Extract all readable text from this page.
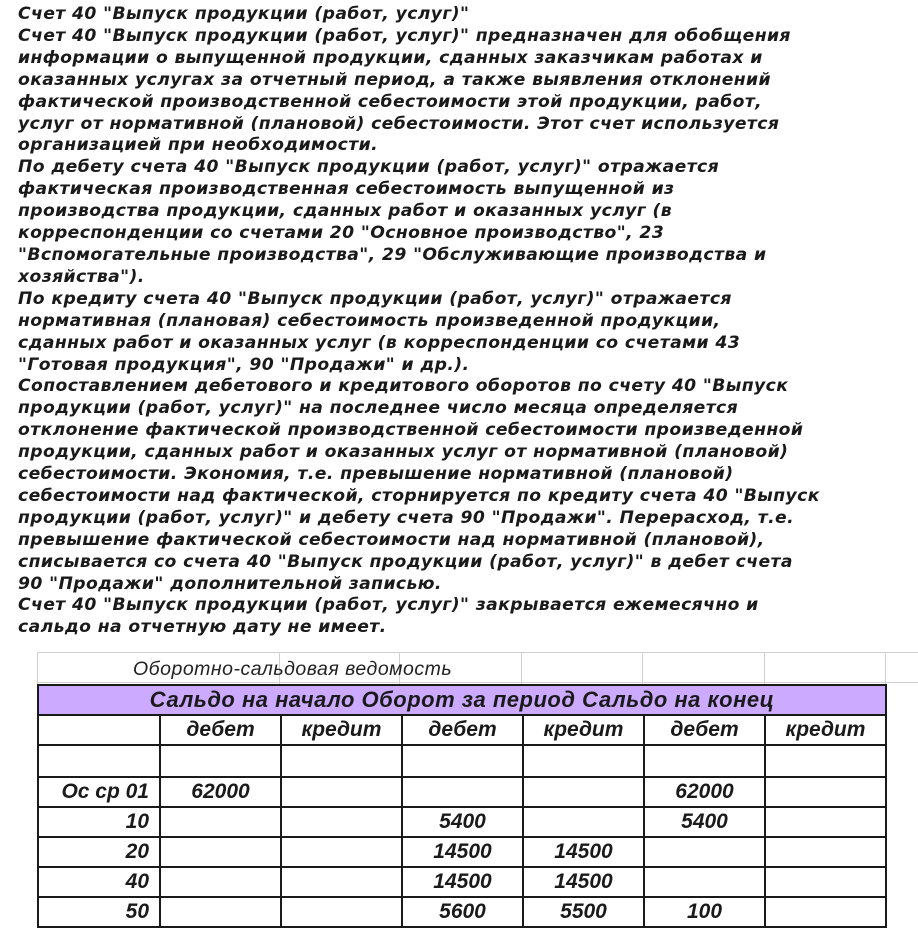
Счет 40 "Выпуск продукции (работ, услуг)"

Счет 40 "Выпуск продукции (работ, услуг)" предназначен для обобщения

информации о выпущенной продукции, сданных заказчикам работах и

оказанных услугах за отчетный период, а также выявления отклонений

фактической производственной себестоимости этой продукции, работ,

услуг от нормативной (плановой) себестоимости. Этот счет используется

организацией при необходимости.

По дебету счета 40 "Выпуск продукции (работ, услуг)" отражается

фактическая производственная себестоимость выпущенной из

производства продукции, сданных работ и оказанных услуг (в

корреспонденции со счетами 20 "Основное производство", 23

"Вспомогательные производства", 29 "Обслуживающие производства и

хозяйства").

По кредиту счета 40 "Выпуск продукции (работ, услуг)" отражается

нормативная (плановая) себестоимость произведенной продукции,

сданных работ и оказанных услуг (в корреспонденции со счетами 43

"Готовая продукция", 90 "Продажи" и др.).

Сопоставлением дебетового и кредитового оборотов по счету 40 "Выпуск

продукции (работ, услуг)" на последнее число месяца определяется

отклонение фактической производственной себестоимости произведенной

продукции, сданных работ и оказанных услуг от нормативной (плановой)

себестоимости. Экономия, т.е. превышение нормативной (плановой)

себестоимости над фактической, сторнируется по кредиту счета 40 "Выпуск

продукции (работ, услуг)" и дебету счета 90 "Продажи". Перерасход, т.е.

превышение фактической себестоимости над нормативной (плановой),

списывается со счета 40 "Выпуск продукции (работ, услуг)" в дебет счета

90 "Продажи" дополнительной записью.

Счет 40 "Выпуск продукции (работ, услуг)" закрывается ежемесячно и

сальдо на отчетную дату не имеет.

Оборотно-сальдовая ведомость
Сальдо на начало Оборот за период Сальдо на конец						
	дебет	кредит	дебет	кредит	дебет	кредит

Ос ср 01	62000				62000	
10			5400		5400	
20			14500	14500		
40			14500	14500		
50			5600	5500	100	
